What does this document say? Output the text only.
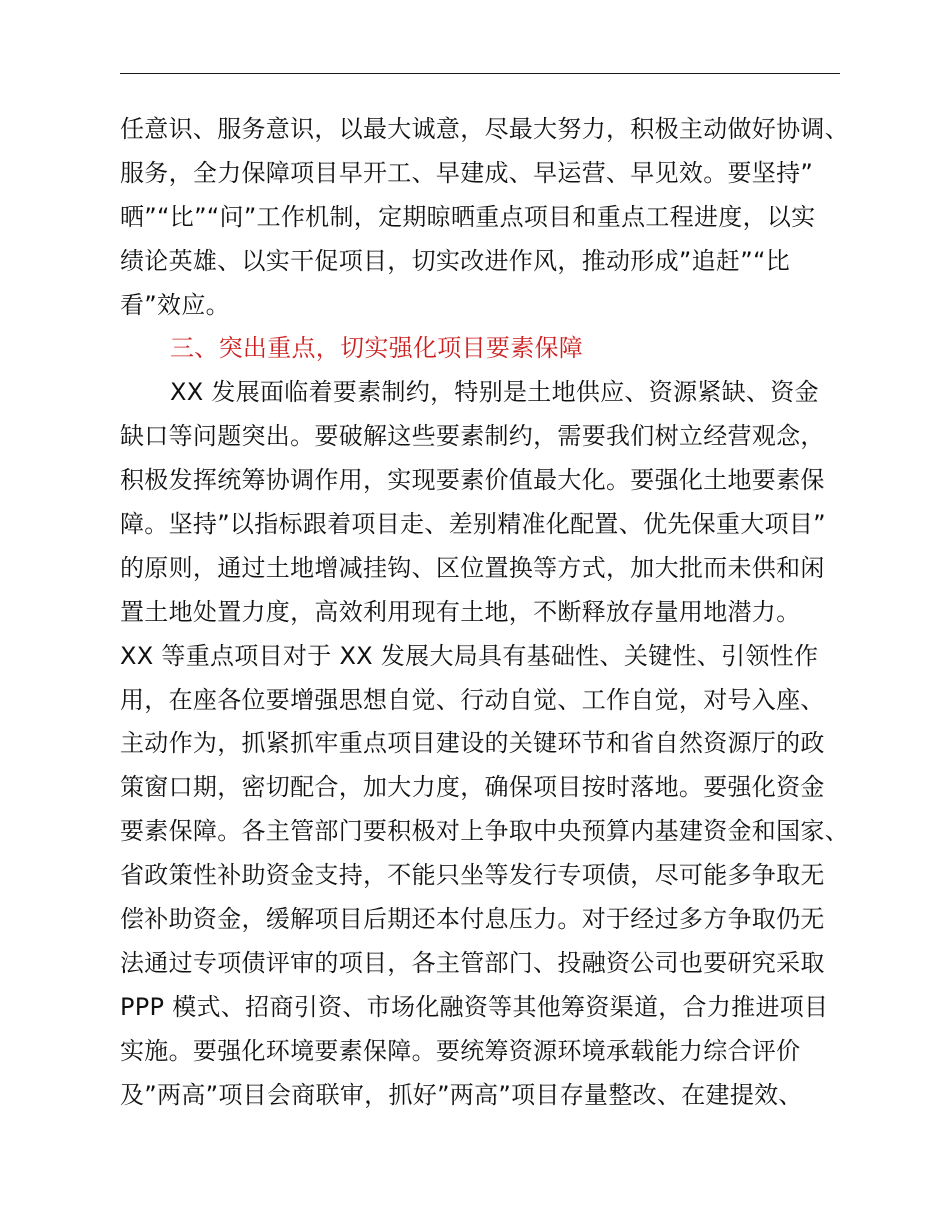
任意识、服务意识，以最大诚意，尽最大努力，积极主动做好协调、
服务，全力保障项目早开工、早建成、早运营、早见效。要坚持”
晒”“比”“问”工作机制，定期晾晒重点项目和重点工程进度，以实
绩论英雄、以实干促项目，切实改进作风，推动形成”追赶”“比
看”效应。
三、突出重点，切实强化项目要素保障
XX 发展面临着要素制约，特别是土地供应、资源紧缺、资金
缺口等问题突出。要破解这些要素制约，需要我们树立经营观念，
积极发挥统筹协调作用，实现要素价值最大化。要强化土地要素保
障。坚持”以指标跟着项目走、差别精准化配置、优先保重大项目”
的原则，通过土地增减挂钩、区位置换等方式，加大批而未供和闲
置土地处置力度，高效利用现有土地，不断释放存量用地潜力。
XX 等重点项目对于 XX 发展大局具有基础性、关键性、引领性作
用，在座各位要增强思想自觉、行动自觉、工作自觉，对号入座、
主动作为，抓紧抓牢重点项目建设的关键环节和省自然资源厅的政
策窗口期，密切配合，加大力度，确保项目按时落地。要强化资金
要素保障。各主管部门要积极对上争取中央预算内基建资金和国家、
省政策性补助资金支持，不能只坐等发行专项债，尽可能多争取无
偿补助资金，缓解项目后期还本付息压力。对于经过多方争取仍无
法通过专项债评审的项目，各主管部门、投融资公司也要研究采取
PPP 模式、招商引资、市场化融资等其他筹资渠道，合力推进项目
实施。要强化环境要素保障。要统筹资源环境承载能力综合评价
及”两高”项目会商联审，抓好”两高”项目存量整改、在建提效、
